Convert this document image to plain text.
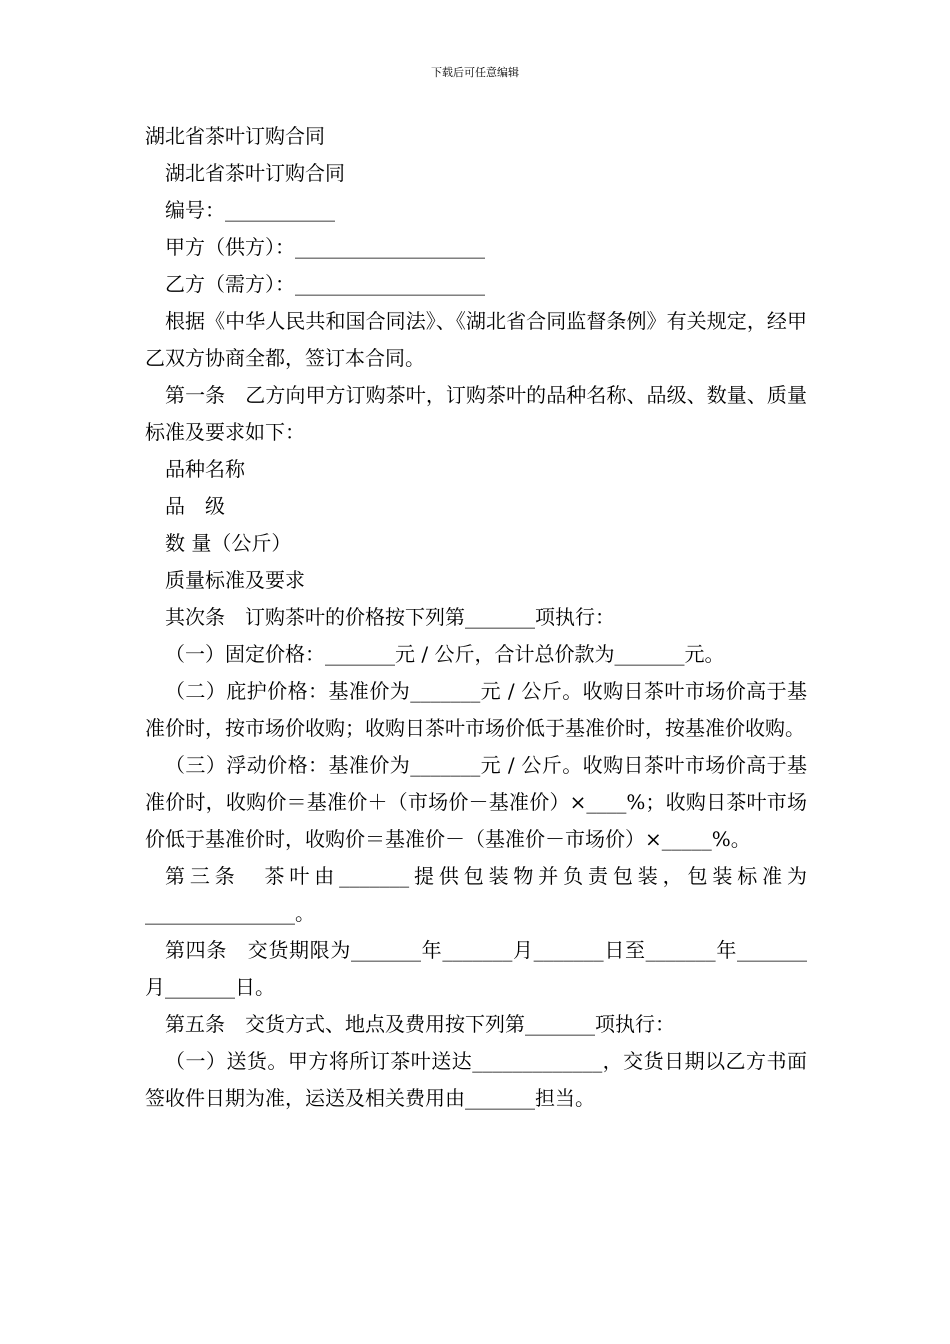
下载后可任意编辑
湖北省茶叶订购合同
湖北省茶叶订购合同
编号：___________
甲方（供方）：___________________
乙方（需方）：___________________

根据《中华人民共和国合同法》、《湖北省合同监督条例》有关规定，经甲乙双方协商全都，签订本合同。

第一条　乙方向甲方订购茶叶，订购茶叶的品种名称、品级、数量、质量标准及要求如下：

品种名称
品　级
数 量（公斤）
质量标准及要求

其次条　订购茶叶的价格按下列第_______项执行：

（一）固定价格：_______元 / 公斤，合计总价款为_______元。

（二）庇护价格：基准价为_______元 / 公斤。收购日茶叶市场价高于基准价时，按市场价收购；收购日茶叶市场价低于基准价时，按基准价收购。

（三）浮动价格：基准价为_______元 / 公斤。收购日茶叶市场价高于基准价时，收购价＝基准价＋（市场价－基准价）×____%；收购日茶叶市场价低于基准价时，收购价＝基准价－（基准价－市场价）×_____%。

第三条　茶叶由_______提供包装物并负责包装，包装标准为_______________。

第四条　交货期限为_______年_______月_______日至_______年_______月_______日。

第五条　交货方式、地点及费用按下列第_______项执行：

（一）送货。甲方将所订茶叶送达_____________，交货日期以乙方书面签收件日期为准，运送及相关费用由_______担当。
